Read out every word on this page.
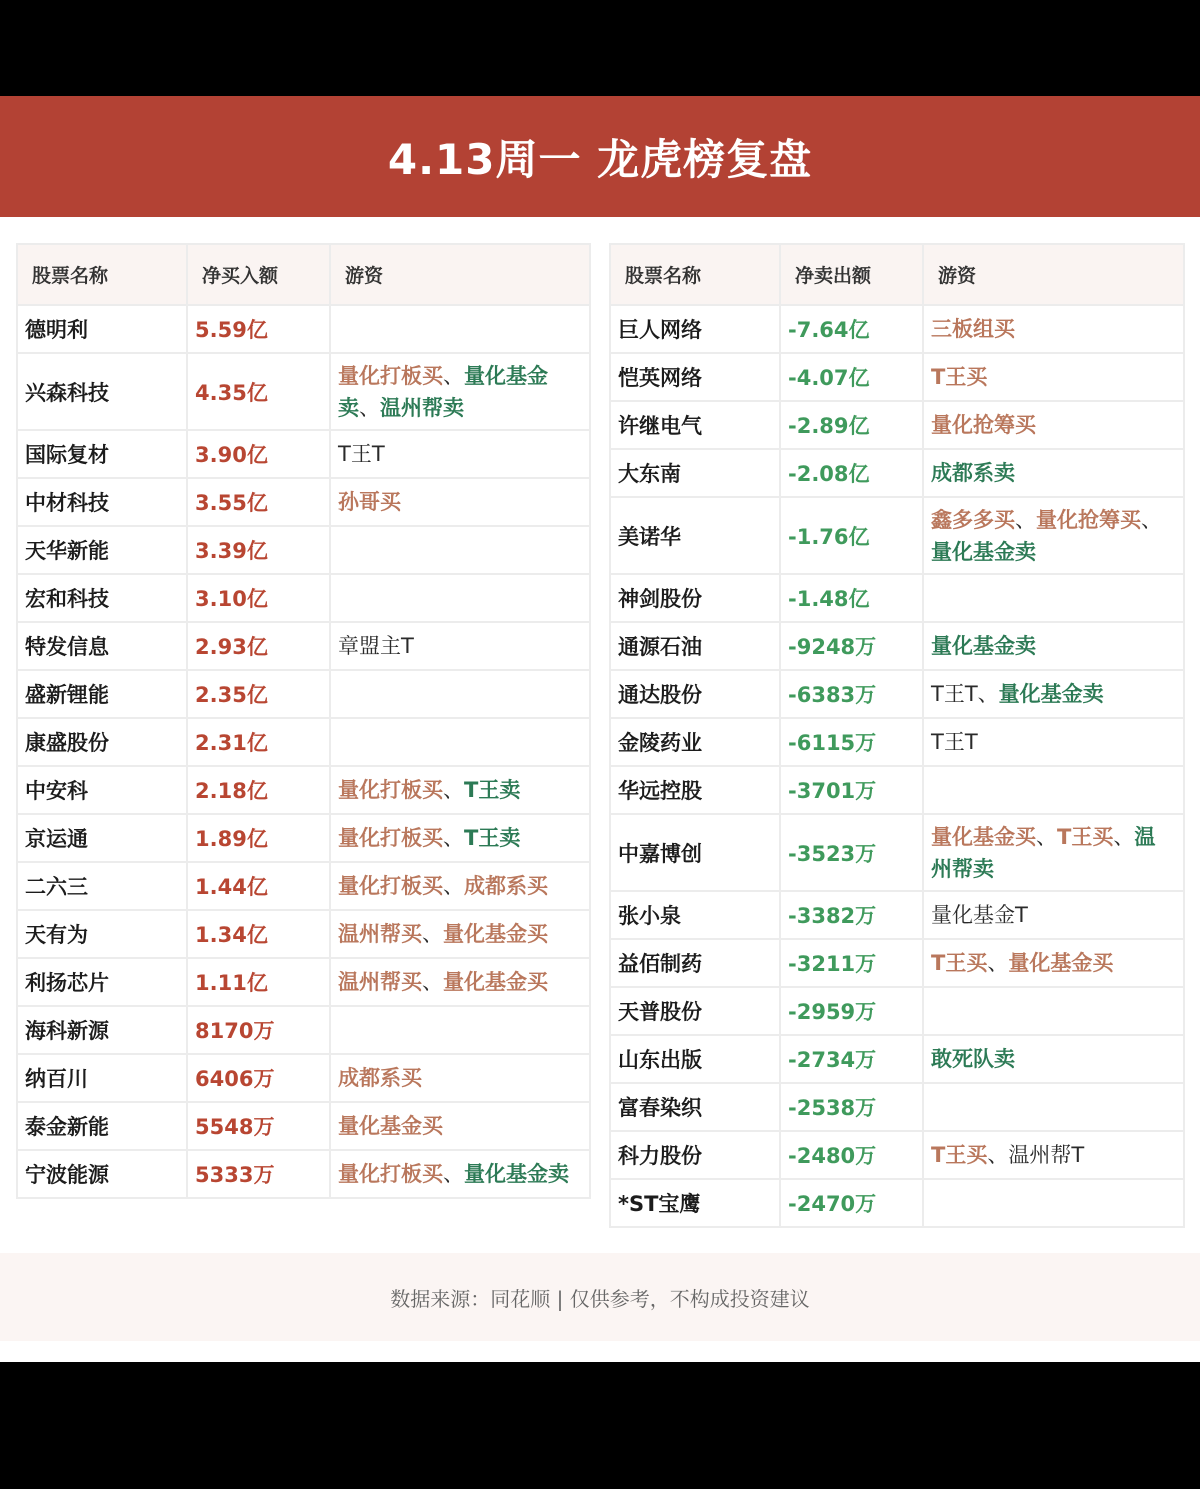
4.13周一 龙虎榜复盘
股票名称	净买入额	游资
德明利	5.59亿	
兴森科技	4.35亿	量化打板买、量化基金卖、温州帮卖
国际复材	3.90亿	T王T
中材科技	3.55亿	孙哥买
天华新能	3.39亿	
宏和科技	3.10亿	
特发信息	2.93亿	章盟主T
盛新锂能	2.35亿	
康盛股份	2.31亿	
中安科	2.18亿	量化打板买、T王卖
京运通	1.89亿	量化打板买、T王卖
二六三	1.44亿	量化打板买、成都系买
天有为	1.34亿	温州帮买、量化基金买
利扬芯片	1.11亿	温州帮买、量化基金买
海科新源	8170万	
纳百川	6406万	成都系买
泰金新能	5548万	量化基金买
宁波能源	5333万	量化打板买、量化基金卖
股票名称	净卖出额	游资
巨人网络	-7.64亿	三板组买
恺英网络	-4.07亿	T王买
许继电气	-2.89亿	量化抢筹买
大东南	-2.08亿	成都系卖
美诺华	-1.76亿	鑫多多买、量化抢筹买、量化基金卖
神剑股份	-1.48亿	
通源石油	-9248万	量化基金卖
通达股份	-6383万	T王T、量化基金卖
金陵药业	-6115万	T王T
华远控股	-3701万	
中嘉博创	-3523万	量化基金买、T王买、温州帮卖
张小泉	-3382万	量化基金T
益佰制药	-3211万	T王买、量化基金买
天普股份	-2959万	
山东出版	-2734万	敢死队卖
富春染织	-2538万	
科力股份	-2480万	T王买、温州帮T
*ST宝鹰	-2470万	
数据来源：同花顺 | 仅供参考，不构成投资建议
